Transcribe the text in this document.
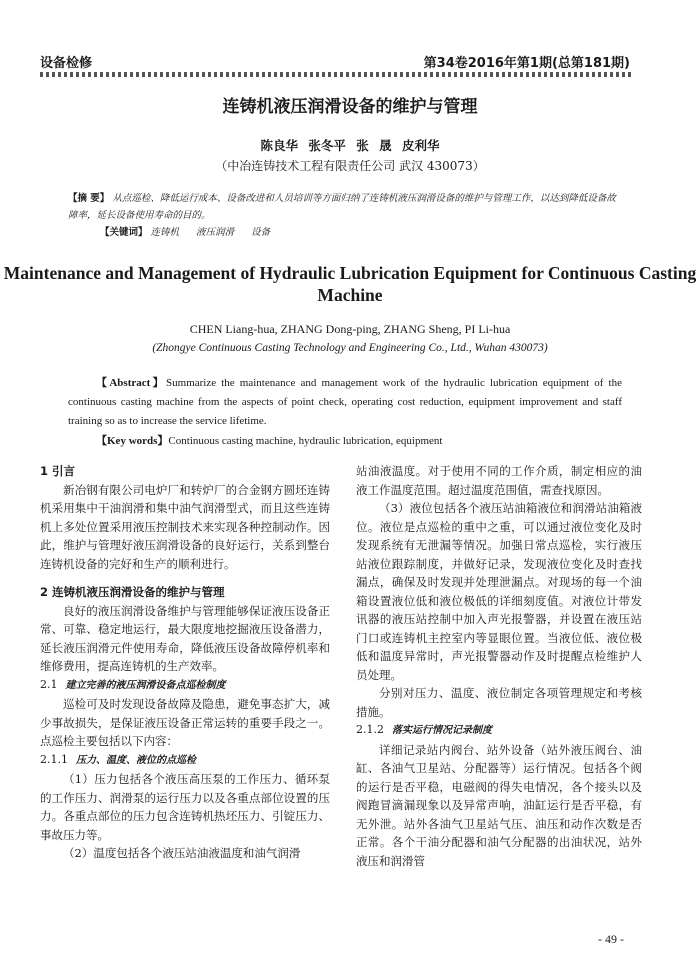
设备检修	第34卷2016年第1期(总第181期)
连铸机液压润滑设备的维护与管理
陈良华 张冬平 张 晟 皮利华
（中冶连铸技术工程有限责任公司 武汉 430073）
【摘 要】 从点巡检、降低运行成本、设备改进和人员培训等方面归纳了连铸机液压润滑设备的维护与管理工作，以达到降低设备故障率，延长设备使用寿命的目的。
【关键词】 连铸机 液压润滑 设备
Maintenance and Management of Hydraulic Lubrication Equipment for Continuous Casting Machine
CHEN Liang-hua, ZHANG Dong-ping, ZHANG Sheng, PI Li-hua
(Zhongye Continuous Casting Technology and Engineering Co., Ltd., Wuhan 430073)
【Abstract】Summarize the maintenance and management work of the hydraulic lubrication equipment of the continuous casting machine from the aspects of point check, operating cost reduction, equipment improvement and staff training so as to increase the service lifetime.
【Key words】Continuous casting machine, hydraulic lubrication, equipment

1 引言

新冶钢有限公司电炉厂和转炉厂的合金钢方圆坯连铸机采用集中干油润滑和集中油气润滑型式，而且这些连铸机上多处位置采用液压控制技术来实现各种控制动作。因此，维护与管理好液压润滑设备的良好运行，关系到整台连铸机设备的完好和生产的顺利进行。

2 连铸机液压润滑设备的维护与管理

良好的液压润滑设备维护与管理能够保证液压设备正常、可靠、稳定地运行，最大限度地挖掘液压设备潜力，延长液压润滑元件使用寿命，降低液压设备故障停机率和维修费用，提高连铸机的生产效率。

2.1 建立完善的液压润滑设备点巡检制度

巡检可及时发现设备故障及隐患，避免事态扩大，减少事故损失，是保证液压设备正常运转的重要手段之一。点巡检主要包括以下内容：

2.1.1 压力、温度、液位的点巡检

（1）压力包括各个液压高压泵的工作压力、循环泵的工作压力、润滑泵的运行压力以及各重点部位设置的压力。各重点部位的压力包含连铸机热坯压力、引锭压力、事故压力等。

（2）温度包括各个液压站油液温度和油气润滑

站油液温度。对于使用不同的工作介质，制定相应的油液工作温度范围。超过温度范围值，需查找原因。

（3）液位包括各个液压站油箱液位和润滑站油箱液位。液位是点巡检的重中之重，可以通过液位变化及时发现系统有无泄漏等情况。加强日常点巡检，实行液压站液位跟踪制度，并做好记录，发现液位变化及时查找漏点，确保及时发现并处理泄漏点。对现场的每一个油箱设置液位低和液位极低的详细刻度值。对液位计带发讯器的液压站控制中加入声光报警器，并设置在液压站门口或连铸机主控室内等显眼位置。当液位低、液位极低和温度异常时，声光报警器动作及时提醒点检维护人员处理。

分别对压力、温度、液位制定各项管理规定和考核措施。

2.1.2 落实运行情况记录制度

详细记录站内阀台、站外设备（站外液压阀台、油缸、各油气卫星站、分配器等）运行情况。包括各个阀的运行是否平稳，电磁阀的得失电情况，各个接头以及阀跑冒滴漏现象以及异常声响，油缸运行是否平稳，有无外泄。站外各油气卫星站气压、油压和动作次数是否正常。各个干油分配器和油气分配器的出油状况，站外液压和润滑管

- 49 -
